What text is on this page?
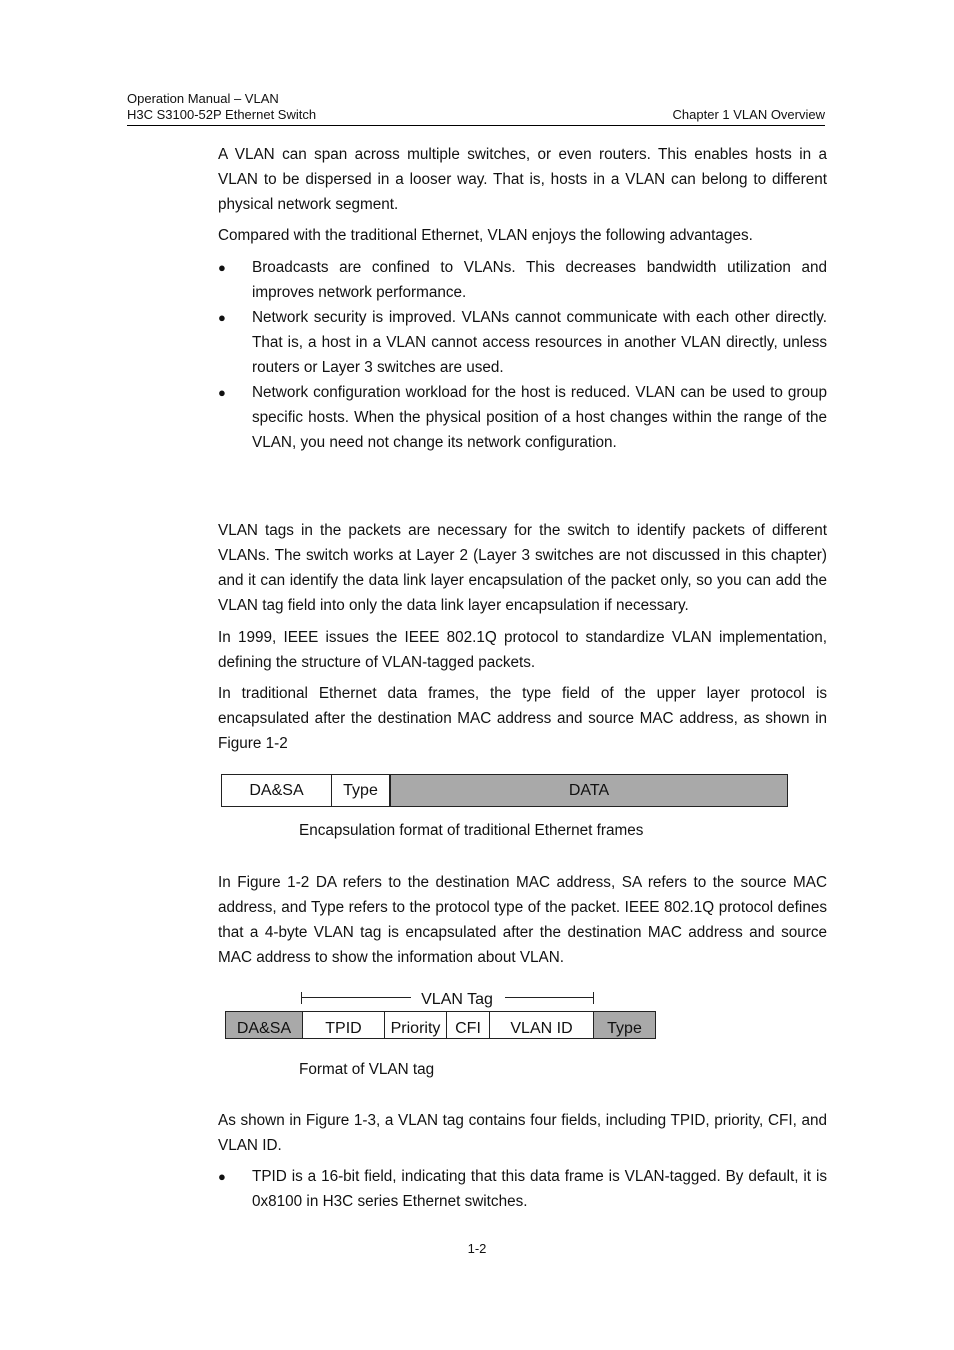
Operation Manual – VLAN
H3C S3100-52P Ethernet Switch	Chapter 1 VLAN Overview

A VLAN can span across multiple switches, or even routers. This enables hosts in a VLAN to be dispersed in a looser way. That is, hosts in a VLAN can belong to different physical network segment.

Compared with the traditional Ethernet, VLAN enjoys the following advantages.

●	Broadcasts are confined to VLANs. This decreases bandwidth utilization and improves network performance.
●	Network security is improved. VLANs cannot communicate with each other directly. That is, a host in a VLAN cannot access resources in another VLAN directly, unless routers or Layer 3 switches are used.
●	Network configuration workload for the host is reduced. VLAN can be used to group specific hosts. When the physical position of a host changes within the range of the VLAN, you need not change its network configuration.

VLAN tags in the packets are necessary for the switch to identify packets of different VLANs. The switch works at Layer 2 (Layer 3 switches are not discussed in this chapter) and it can identify the data link layer encapsulation of the packet only, so you can add the VLAN tag field into only the data link layer encapsulation if necessary.

In 1999, IEEE issues the IEEE 802.1Q protocol to standardize VLAN implementation, defining the structure of VLAN-tagged packets.

In traditional Ethernet data frames, the type field of the upper layer protocol is encapsulated after the destination MAC address and source MAC address, as shown in Figure 1-2

DA&SA	Type	DATA
Encapsulation format of traditional Ethernet frames

In Figure 1-2 DA refers to the destination MAC address, SA refers to the source MAC address, and Type refers to the protocol type of the packet. IEEE 802.1Q protocol defines that a 4-byte VLAN tag is encapsulated after the destination MAC address and source MAC address to show the information about VLAN.

VLAN Tag
DA&SA	TPID	Priority CFI	VLAN ID	Type
Format of VLAN tag

As shown in Figure 1-3, a VLAN tag contains four fields, including TPID, priority, CFI, and VLAN ID.

●	TPID is a 16-bit field, indicating that this data frame is VLAN-tagged. By default, it is 0x8100 in H3C series Ethernet switches.
1-2
